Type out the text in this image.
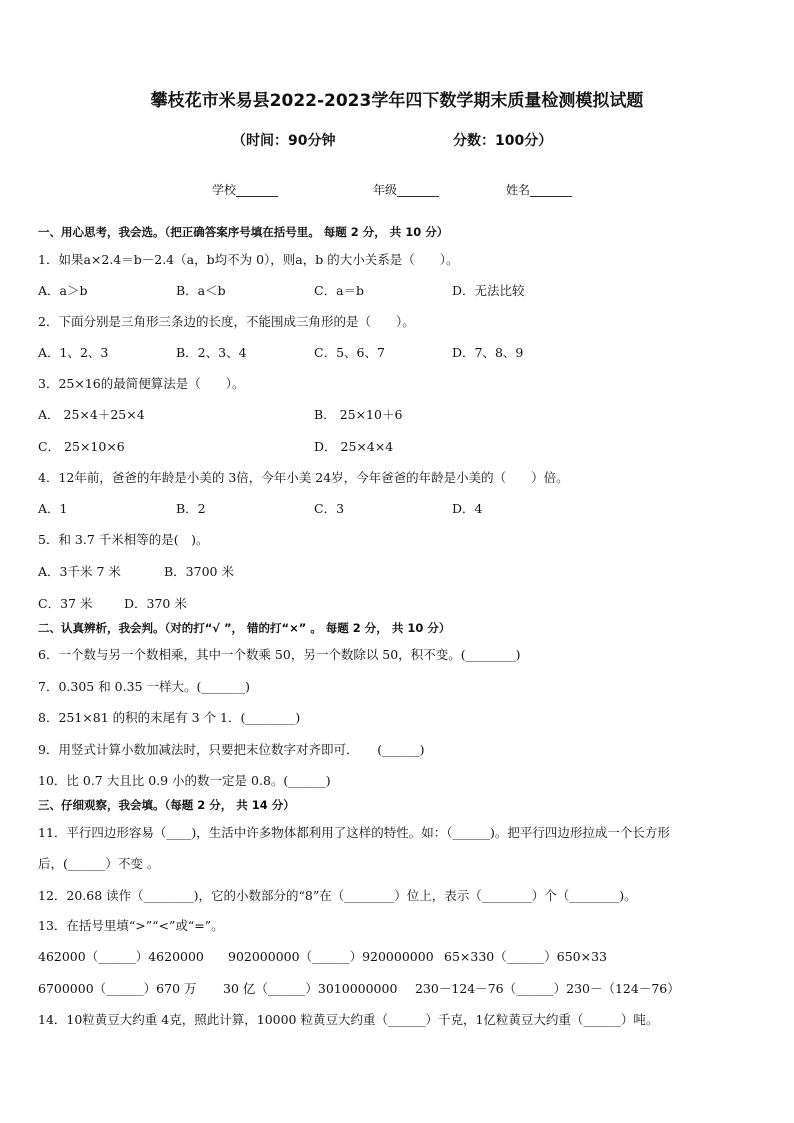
攀枝花市米易县2022-2023学年四下数学期末质量检测模拟试题
（时间：90分钟	分数：100分）
学校_______	年级_______	姓名_______
一、用心思考，我会选。（把正确答案序号填在括号里。 每题 2 分， 共 10 分）
1．如果a×2.4＝b－2.4（a，b均不为 0），则a，b 的大小关系是（　　）。
A．a＞b	B．a＜b	C．a＝b	D．无法比较
2．下面分别是三角形三条边的长度，不能围成三角形的是（　　）。
A．1、2、3	B．2、3、4	C．5、6、7	D．7、8、9
3．25×16的最简便算法是（　　）。
A． 25×4＋25×4	B． 25×10＋6
C． 25×10×6	D． 25×4×4
4．12年前，爸爸的年龄是小美的 3倍，今年小美 24岁，今年爸爸的年龄是小美的（　　）倍。
A．1	B．2	C．3	D．4
5．和 3.7 千米相等的是(　)。
A．3千米 7 米	B．3700 米
C．37 米	D．370 米
二、认真辨析，我会判。（对的打“√ ”， 错的打“×” 。 每题 2 分， 共 10 分）
6．一个数与另一个数相乘，其中一个数乘 50，另一个数除以 50，积不变。(________)
7．0.305 和 0.35 一样大。(_______)
8．251×81 的积的末尾有 3 个 1．(________)
9．用竖式计算小数加减法时，只要把末位数字对齐即可．　　(______)
10．比 0.7 大且比 0.9 小的数一定是 0.8。(______)
三、仔细观察，我会填。（每题 2 分， 共 14 分）
11．平行四边形容易（____)，生活中许多物体都利用了这样的特性。如：（______)。把平行四边形拉成一个长方形
后，(______）不变 。
12．20.68 读作（________)，它的小数部分的“8”在（________）位上，表示（________）个（________)。
13．在括号里填“>”“<”或“=”。
462000（______）4620000 902000000（______）920000000 65×330（______）650×33
6700000（______）670 万 30 亿（______）3010000000 230－124－76（______）230－（124－76）
14．10粒黄豆大约重 4克，照此计算，10000 粒黄豆大约重（______）千克，1亿粒黄豆大约重（______）吨。
